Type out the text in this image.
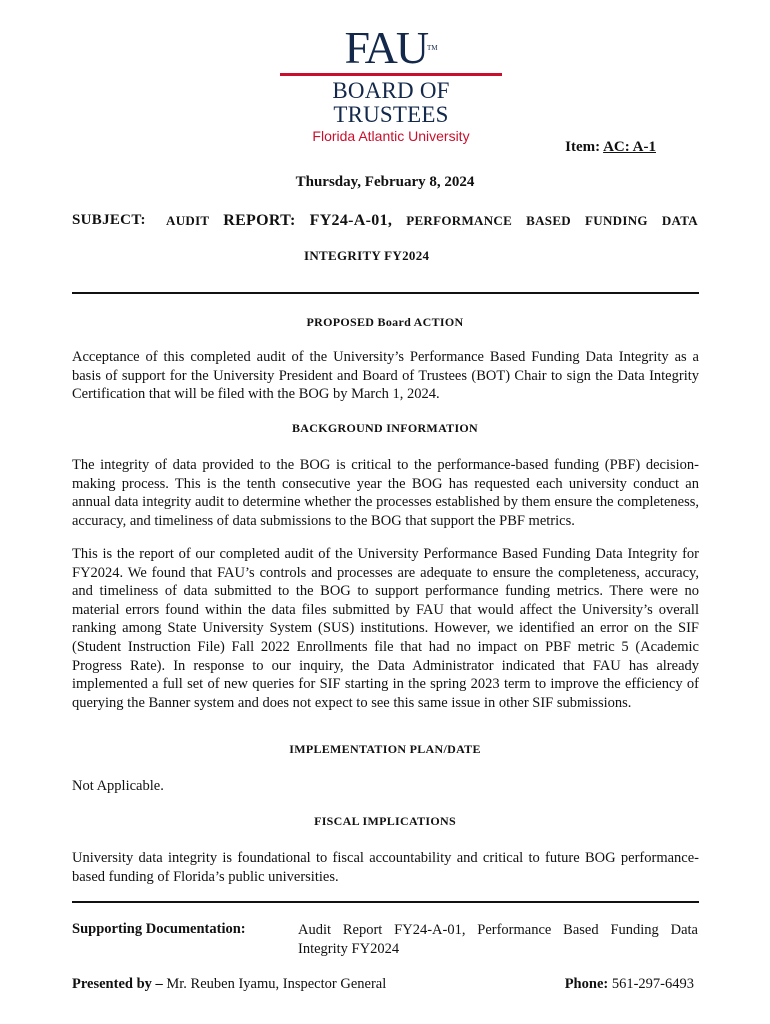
FAU™
BOARD OF TRUSTEES
Florida Atlantic University
Item: AC: A-1
Thursday, February 8, 2024
SUBJECT: AUDIT REPORT: FY24-A-01, PERFORMANCE BASED FUNDING DATA
INTEGRITY FY2024
PROPOSED Board ACTION
Acceptance of this completed audit of the University’s Performance Based Funding Data Integrity as a basis of support for the University President and Board of Trustees (BOT) Chair to sign the Data Integrity Certification that will be filed with the BOG by March 1, 2024.
BACKGROUND INFORMATION
The integrity of data provided to the BOG is critical to the performance-based funding (PBF) decision-making process. This is the tenth consecutive year the BOG has requested each university conduct an annual data integrity audit to determine whether the processes established by them ensure the completeness, accuracy, and timeliness of data submissions to the BOG that support the PBF metrics.
This is the report of our completed audit of the University Performance Based Funding Data Integrity for FY2024. We found that FAU’s controls and processes are adequate to ensure the completeness, accuracy, and timeliness of data submitted to the BOG to support performance funding metrics. There were no material errors found within the data files submitted by FAU that would affect the University’s overall ranking among State University System (SUS) institutions. However, we identified an error on the SIF (Student Instruction File) Fall 2022 Enrollments file that had no impact on PBF metric 5 (Academic Progress Rate). In response to our inquiry, the Data Administrator indicated that FAU has already implemented a full set of new queries for SIF starting in the spring 2023 term to improve the efficiency of querying the Banner system and does not expect to see this same issue in other SIF submissions.
IMPLEMENTATION PLAN/DATE
Not Applicable.
FISCAL IMPLICATIONS
University data integrity is foundational to fiscal accountability and critical to future BOG performance-based funding of Florida’s public universities.
Supporting Documentation:	Audit Report FY24-A-01, Performance Based Funding Data Integrity FY2024
Presented by – Mr. Reuben Iyamu, Inspector General	Phone: 561-297-6493
